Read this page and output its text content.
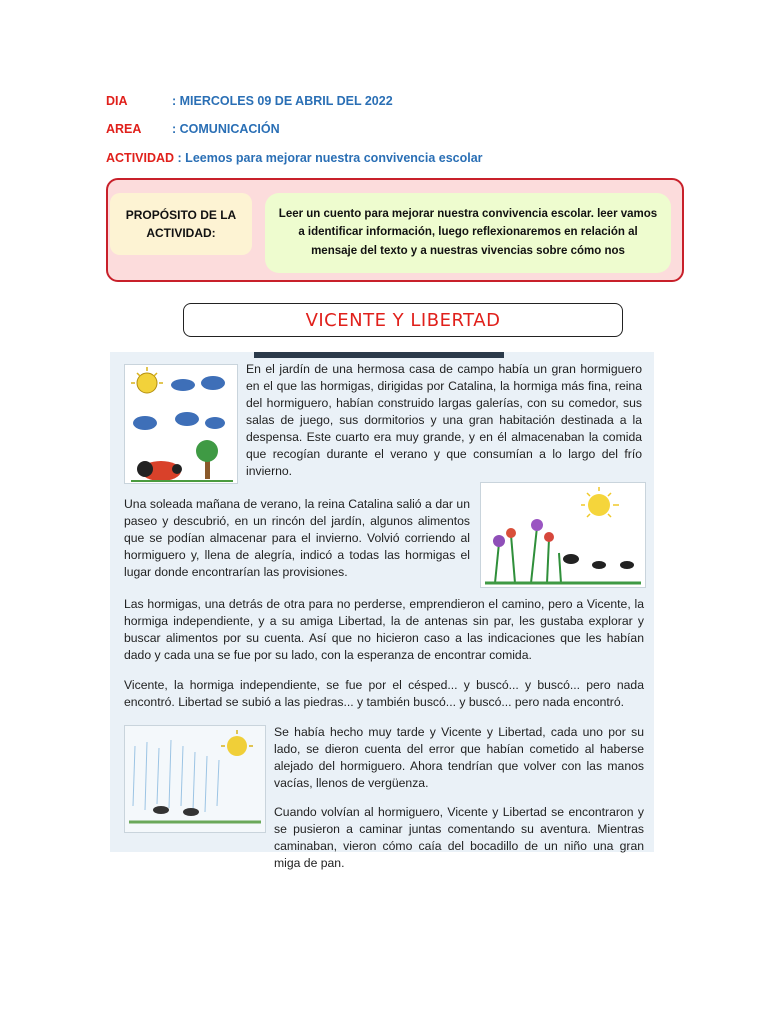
DIA	: MIERCOLES 09 DE ABRIL DEL 2022
AREA : COMUNICACIÓN
ACTIVIDAD : Leemos para mejorar nuestra convivencia escolar
PROPÓSITO DE LA ACTIVIDAD:
Leer un cuento para mejorar nuestra convivencia escolar. leer vamos a identificar información, luego reflexionaremos en relación al mensaje del texto y a nuestras vivencias sobre cómo nos
VICENTE Y LIBERTAD

En el jardín de una hermosa casa de campo había un gran hormiguero en el que las hormigas, dirigidas por Catalina, la hormiga más fina, reina del hormiguero, habían construido largas galerías, con su comedor, sus salas de juego, sus dormitorios y una gran habitación destinada a la despensa. Este cuarto era muy grande, y en él almacenaban la comida que recogían durante el verano y que consumían a lo largo del frío invierno.

Una soleada mañana de verano, la reina Catalina salió a dar un paseo y descubrió, en un rincón del jardín, algunos alimentos que se podían almacenar para el invierno. Volvió corriendo al hormiguero y, llena de alegría, indicó a todas las hormigas el lugar donde encontrarían las provisiones.

Las hormigas, una detrás de otra para no perderse, emprendieron el camino, pero a Vicente, la hormiga independiente, y a su amiga Libertad, la de antenas sin par, les gustaba explorar y buscar alimentos por su cuenta. Así que no hicieron caso a las indicaciones que les habían dado y cada una se fue por su lado, con la esperanza de encontrar comida.

Vicente, la hormiga independiente, se fue por el césped... y buscó... y buscó... pero nada encontró. Libertad se subió a las piedras... y también buscó... y buscó... pero nada encontró.

Se había hecho muy tarde y Vicente y Libertad, cada uno por su lado, se dieron cuenta del error que habían cometido al haberse alejado del hormiguero. Ahora tendrían que volver con las manos vacías, llenos de vergüenza.

Cuando volvían al hormiguero, Vicente y Libertad se encontraron y se pusieron a caminar juntas comentando su aventura. Mientras caminaban, vieron cómo caía del bocadillo de un niño una gran miga de pan.
